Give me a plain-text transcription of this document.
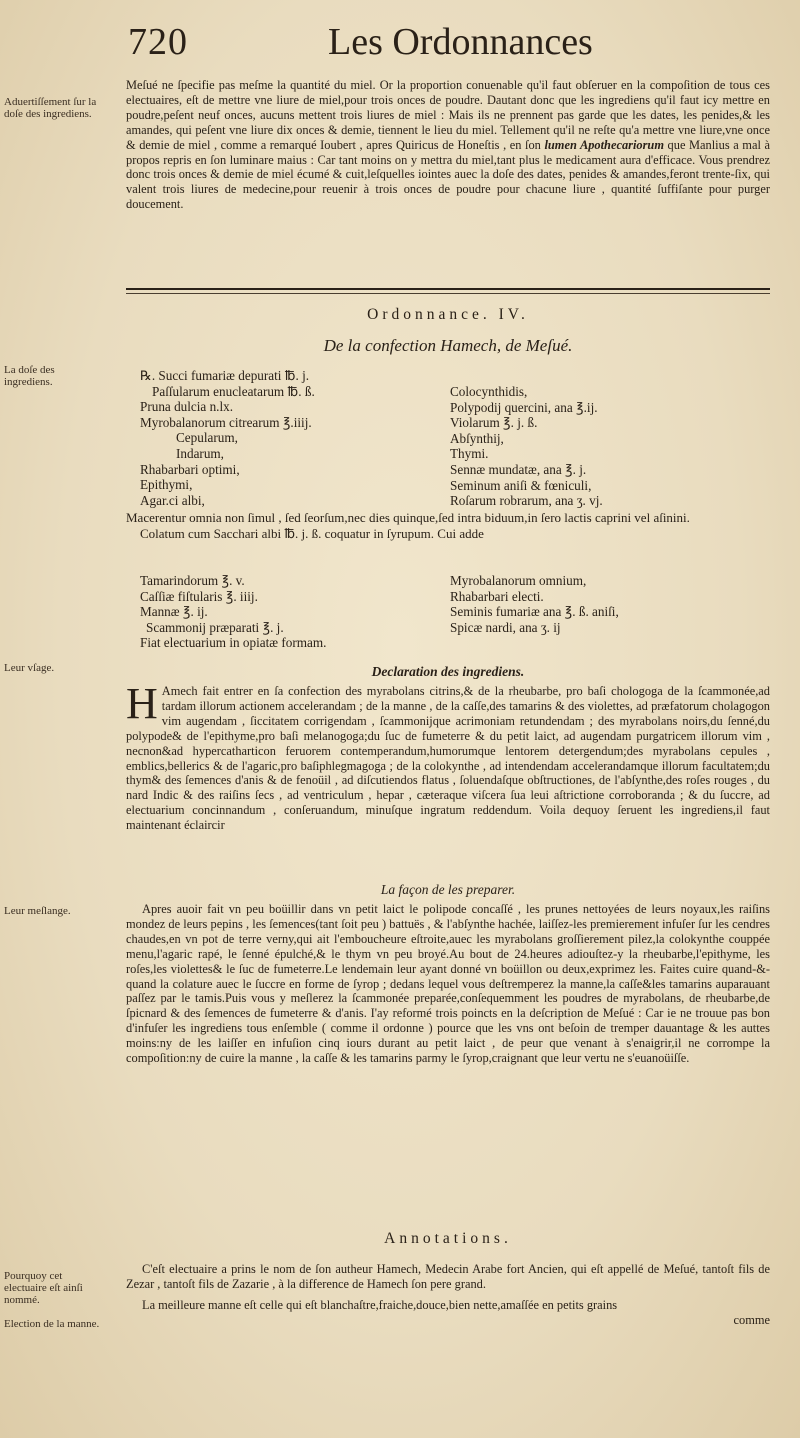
720	Les Ordonnances
Aduertiſſement ſur la doſe des ingrediens.
La doſe des ingrediens.
Leur vſage.
Leur meſlange.
Pourquoy cet electuaire eſt ainſi nommé.
Election de la manne.

Meſué ne ſpecifie pas meſme la quantité du miel. Or la proportion conuenable qu'il faut obſeruer en la compoſition de tous ces electuaires, eſt de mettre vne liure de miel,pour trois onces de poudre. Dautant donc que les ingrediens qu'il faut icy mettre en poudre,peſent neuf onces, aucuns mettent trois liures de miel : Mais ils ne prennent pas garde que les dates, les penides,& les amandes, qui peſent vne liure dix onces & demie, tiennent le lieu du miel. Tellement qu'il ne reſte qu'a mettre vne liure,vne once & demie de miel , comme a remarqué Ioubert , apres Quiricus de Honeſtis , en ſon lumen Apothecariorum que Manlius a mal à propos repris en ſon luminare maius : Car tant moins on y mettra du miel,tant plus le medicament aura d'efficace. Vous prendrez donc trois onces & demie de miel écumé & cuit,leſquelles iointes auec la doſe des dates, penides & amandes,feront trente-ſix, qui valent trois liures de medecine,pour reuenir à trois onces de poudre pour chacune liure , quantité ſuffiſante pour purger doucement.

Ordonnance. IV.
De la confection Hamech, de Meſué.
℞. Succi fumariæ depurati ℔. j.
Paſſularum enucleatarum ℔. ß.
Pruna dulcia n.lx.
Myrobalanorum citrearum ℥.iiij.
Cepularum,
Indarum,
Rhabarbari optimi,
Epithymi,
Agar.ci albi,
Colocynthidis,
Polypodij quercini, ana ℥.ij.
Violarum ℥. j. ß.
Abſynthij,
Thymi.
Sennæ mundatæ, ana ℥. j.
Seminum aniſi & fœniculi,
Roſarum robrarum, ana ʒ. vj.

Macerentur omnia non ſimul , ſed ſeorſum,nec dies quinque,ſed intra biduum,in ſero lactis caprini vel aſinini.

Colatum cum Sacchari albi ℔. j. ß. coquatur in ſyrupum. Cui adde

Tamarindorum ℥. v.
Caſſiæ fiſtularis ℥. iiij.
Mannæ ℥. ij.
Scammonij præparati ℥. j.
Fiat electuarium in opiatæ formam.
Myrobalanorum omnium,
Rhabarbari electi.
Seminis fumariæ ana ℥. ß. aniſi,
Spicæ nardi, ana ʒ. ij
Declaration des ingrediens.

H Amech fait entrer en ſa confection des myrabolans citrins,& de la rheubarbe, pro baſi chologoga de la ſcammonée,ad tardam illorum actionem accelerandam ; de la manne , de la caſſe,des tamarins & des violettes, ad præfatorum cholagogon vim augendam , ſiccitatem corrigendam , ſcammonijque acrimoniam retundendam ; des myrabolans noirs,du ſenné,du polypode& de l'epithyme,pro baſi melanogoga;du ſuc de fumeterre & du petit laict, ad augendam purgatricem illorum vim , necnon&ad hypercatharticon feruorem contemperandum,humorumque lentorem detergendum;des myrabolans cepules , emblics,bellerics & de l'agaric,pro baſiphlegmagoga ; de la colokynthe , ad intendendam accelerandamque illorum facultatem;du thym& des ſemences d'anis & de fenoüil , ad diſcutiendos flatus , ſoluendaſque obſtructiones, de l'abſynthe,des roſes rouges , du nard Indic & des raiſins ſecs , ad ventriculum , hepar , cæteraque viſcera ſua leui aſtrictione corroboranda ; & du ſuccre, ad electuarium concinnandum , conſeruandum, minuſque ingratum reddendum. Voila dequoy ſeruent les ingrediens,il faut maintenant éclaircir

La façon de les preparer.

Apres auoir fait vn peu boüillir dans vn petit laict le polipode concaſſé , les prunes nettoyées de leurs noyaux,les raiſins mondez de leurs pepins , les ſemences(tant ſoit peu ) battuës , & l'abſynthe hachée, laiſſez-les premierement infuſer ſur les cendres chaudes,en vn pot de terre verny,qui ait l'emboucheure eſtroite,auec les myrabolans groſſierement pilez,la colokynthe couppée menu,l'agaric rapé, le ſenné épulché,& le thym vn peu broyé.Au bout de 24.heures adiouſtez-y la rheubarbe,l'epithyme, les roſes,les violettes& le ſuc de fumeterre.Le lendemain leur ayant donné vn boüillon ou deux,exprimez les. Faites cuire quand-&-quand la colature auec le ſuccre en forme de ſyrop ; dedans lequel vous deſtremperez la manne,la caſſe&les tamarins auparauant paſſez par le tamis.Puis vous y meſlerez la ſcammonée preparée,conſequemment les poudres de myrabolans, de rheubarbe,de ſpicnard & des ſemences de fumeterre & d'anis. I'ay reformé trois poincts en la deſcription de Meſué : Car ie ne trouue pas bon d'infuſer les ingrediens tous enſemble ( comme il ordonne ) pource que les vns ont beſoin de tremper dauantage & les auttes moins:ny de les laiſſer en infuſion cinq iours durant au petit laict , de peur que venant à s'enaigrir,il ne corrompe la compoſition:ny de cuire la manne , la caſſe & les tamarins parmy le ſyrop,craignant que leur vertu ne s'euanoüiſſe.

Annotations.

C'eſt electuaire a prins le nom de ſon autheur Hamech, Medecin Arabe fort Ancien, qui eſt appellé de Meſué, tantoſt fils de Zezar , tantoſt fils de Zazarie , à la difference de Hamech ſon pere grand.

La meilleure manne eſt celle qui eſt blanchaſtre,fraiche,douce,bien nette,amaſſée en petits grains

comme
